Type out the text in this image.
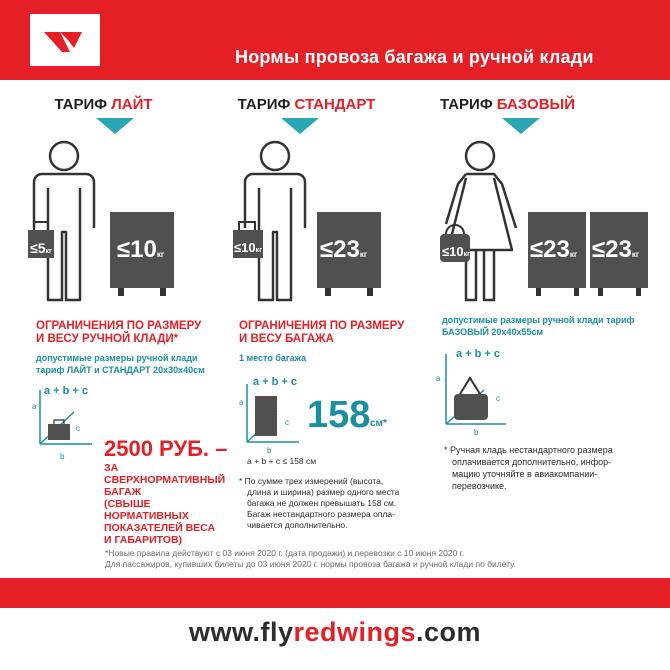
Нормы провоза багажа и ручной клади
ТАРИФ ЛАЙТ
≤5кг	≤10кг
ОГРАНИЧЕНИЯ ПО РАЗМЕРУ
И ВЕСУ РУЧНОЙ КЛАДИ*
допустимые размеры ручной клади
тариф ЛАЙТ и СТАНДАРТ 20х30х40см
a + b + c
a
b
c
2500 РУБ. –
ЗА СВЕРХНОРМАТИВНЫЙ
БАГАЖ
(СВЫШЕ НОРМАТИВНЫХ
ПОКАЗАТЕЛЕЙ ВЕСА
И ГАБАРИТОВ)
ТАРИФ СТАНДАРТ
≤10кг ≤23кг
ОГРАНИЧЕНИЯ ПО РАЗМЕРУ
И ВЕСУ БАГАЖА
1 место багажа
a + b + c
a
b
c 158 см*
a + b + c ≤ 158 см
* По сумме трех измерений (высота,
длина и ширина) размер одного места
багажа не должен превышать 158 см.
Багаж нестандартного размера опла-
чивается дополнительно.
ТАРИФ БАЗОВЫЙ
≤10кг ≤23кг ≤23кг
допустимые размеры ручной клади тариф
БАЗОВЫЙ 20х40х55см
a + b + c
a
b
c
* Ручная кладь нестандартного размера
оплачивается дополнительно, инфор-
мацию уточняйте в авиакомпании-
перевозчике.
*Новые правила действуют с 03 июня 2020 г. (дата продажи) и перевозки с 10 июня 2020 г.
Для пассажиров, купивших билеты до 03 июня 2020 г. нормы провоза багажа и ручной клади по билету.
www.flyredwings.com
